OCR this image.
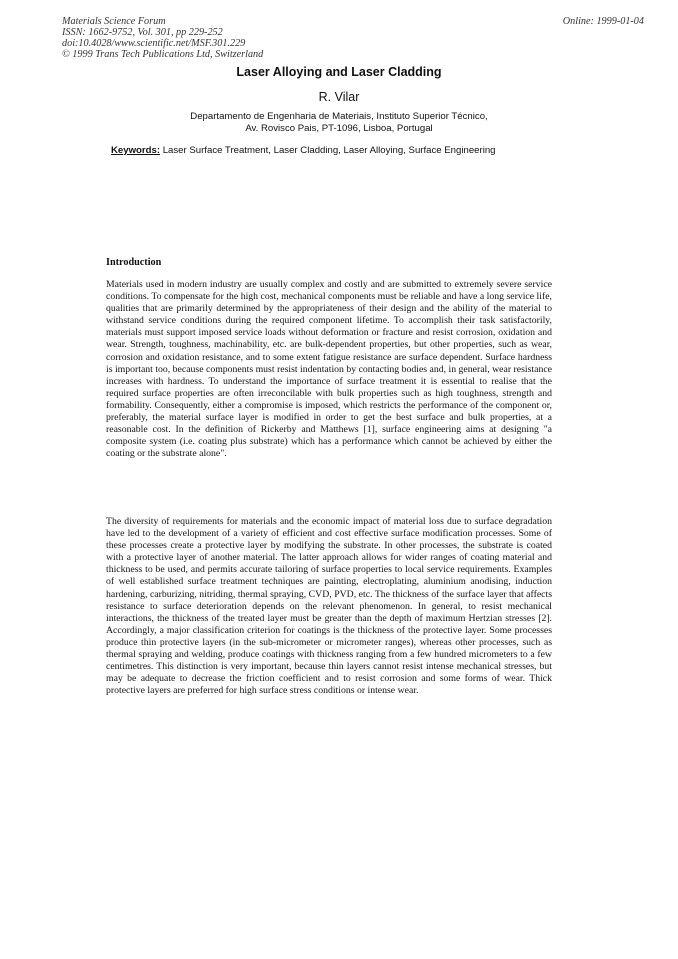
Materials Science Forum
ISSN: 1662-9752, Vol. 301, pp 229-252
doi:10.4028/www.scientific.net/MSF.301.229
© 1999 Trans Tech Publications Ltd, Switzerland
Online: 1999-01-04
Laser Alloying and Laser Cladding
R. Vilar
Departamento de Engenharia de Materiais, Instituto Superior Técnico,
Av. Rovisco Pais, PT-1096, Lisboa, Portugal
Keywords: Laser Surface Treatment, Laser Cladding, Laser Alloying, Surface Engineering
Introduction
Materials used in modern industry are usually complex and costly and are submitted to extremely severe service conditions. To compensate for the high cost, mechanical components must be reliable and have a long service life, qualities that are primarily determined by the appropriateness of their design and the ability of the material to withstand service conditions during the required component lifetime. To accomplish their task satisfactorily, materials must support imposed service loads without deformation or fracture and resist corrosion, oxidation and wear. Strength, toughness, machinability, etc. are bulk-dependent properties, but other properties, such as wear, corrosion and oxidation resistance, and to some extent fatigue resistance are surface dependent. Surface hardness is important too, because components must resist indentation by contacting bodies and, in general, wear resistance increases with hardness. To understand the importance of surface treatment it is essential to realise that the required surface properties are often irreconcilable with bulk properties such as high toughness, strength and formability. Consequently, either a compromise is imposed, which restricts the performance of the component or, preferably, the material surface layer is modified in order to get the best surface and bulk properties, at a reasonable cost. In the definition of Rickerby and Matthews [1], surface engineering aims at designing "a composite system (i.e. coating plus substrate) which has a performance which cannot be achieved by either the coating or the substrate alone".
The diversity of requirements for materials and the economic impact of material loss due to surface degradation have led to the development of a variety of efficient and cost effective surface modification processes. Some of these processes create a protective layer by modifying the substrate. In other processes, the substrate is coated with a protective layer of another material. The latter approach allows for wider ranges of coating material and thickness to be used, and permits accurate tailoring of surface properties to local service requirements. Examples of well established surface treatment techniques are painting, electroplating, aluminium anodising, induction hardening, carburizing, nitriding, thermal spraying, CVD, PVD, etc. The thickness of the surface layer that affects resistance to surface deterioration depends on the relevant phenomenon. In general, to resist mechanical interactions, the thickness of the treated layer must be greater than the depth of maximum Hertzian stresses [2]. Accordingly, a major classification criterion for coatings is the thickness of the protective layer. Some processes produce thin protective layers (in the sub-micrometer or micrometer ranges), whereas other processes, such as thermal spraying and welding, produce coatings with thickness ranging from a few hundred micrometers to a few centimetres. This distinction is very important, because thin layers cannot resist intense mechanical stresses, but may be adequate to decrease the friction coefficient and to resist corrosion and some forms of wear. Thick protective layers are preferred for high surface stress conditions or intense wear.
